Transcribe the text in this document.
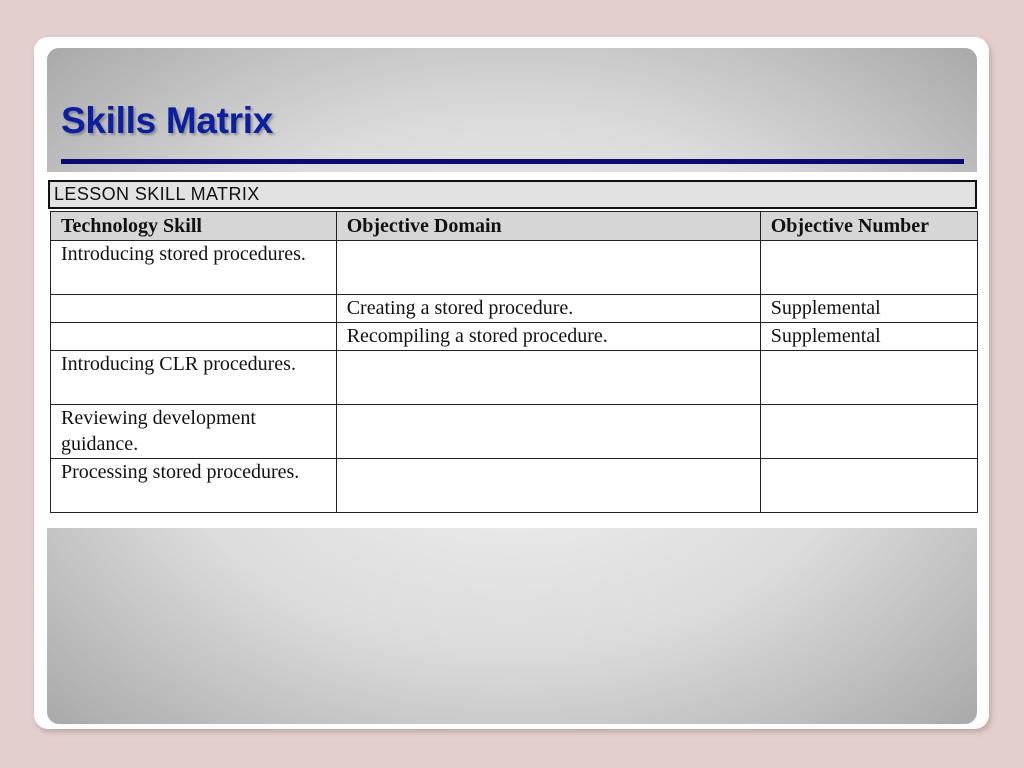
Skills Matrix
LESSON SKILL MATRIX
Technology Skill	Objective Domain	Objective Number
Introducing stored procedures.		
	Creating a stored procedure.	Supplemental
	Recompiling a stored procedure.	Supplemental
Introducing CLR procedures.		
Reviewing development guidance.		
Processing stored procedures.		
